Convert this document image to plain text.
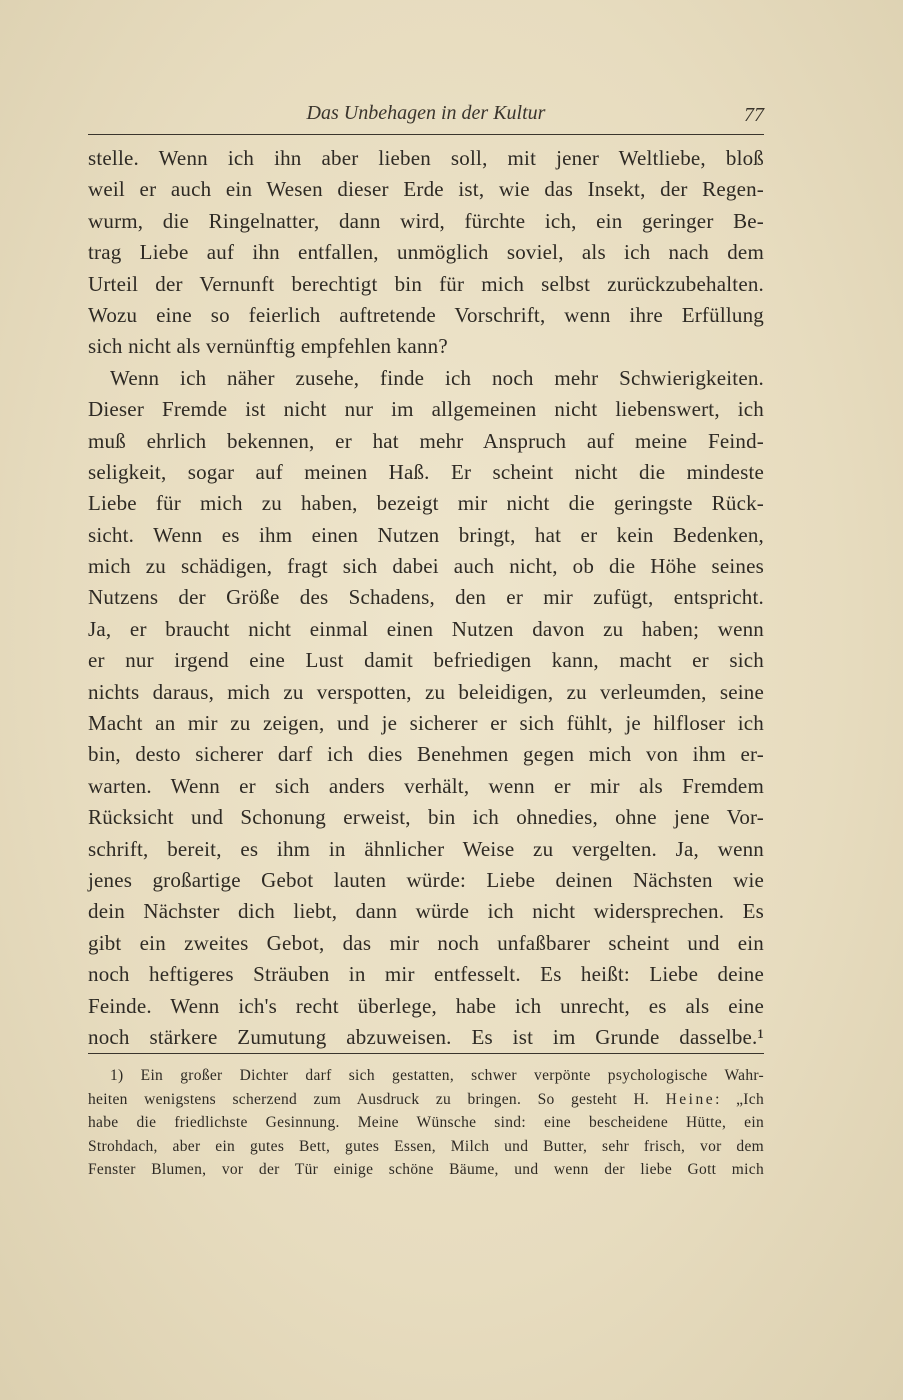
Das Unbehagen in der Kultur	77
stelle. Wenn ich ihn aber lieben soll, mit jener Weltliebe, bloß
weil er auch ein Wesen dieser Erde ist, wie das Insekt, der Regen-
wurm, die Ringelnatter, dann wird, fürchte ich, ein geringer Be-
trag Liebe auf ihn entfallen, unmöglich soviel, als ich nach dem
Urteil der Vernunft berechtigt bin für mich selbst zurückzubehalten.
Wozu eine so feierlich auftretende Vorschrift, wenn ihre Erfüllung
sich nicht als vernünftig empfehlen kann?
Wenn ich näher zusehe, finde ich noch mehr Schwierigkeiten.
Dieser Fremde ist nicht nur im allgemeinen nicht liebenswert, ich
muß ehrlich bekennen, er hat mehr Anspruch auf meine Feind-
seligkeit, sogar auf meinen Haß. Er scheint nicht die mindeste
Liebe für mich zu haben, bezeigt mir nicht die geringste Rück-
sicht. Wenn es ihm einen Nutzen bringt, hat er kein Bedenken,
mich zu schädigen, fragt sich dabei auch nicht, ob die Höhe seines
Nutzens der Größe des Schadens, den er mir zufügt, entspricht.
Ja, er braucht nicht einmal einen Nutzen davon zu haben; wenn
er nur irgend eine Lust damit befriedigen kann, macht er sich
nichts daraus, mich zu verspotten, zu beleidigen, zu verleumden, seine
Macht an mir zu zeigen, und je sicherer er sich fühlt, je hilfloser ich
bin, desto sicherer darf ich dies Benehmen gegen mich von ihm er-
warten. Wenn er sich anders verhält, wenn er mir als Fremdem
Rücksicht und Schonung erweist, bin ich ohnedies, ohne jene Vor-
schrift, bereit, es ihm in ähnlicher Weise zu vergelten. Ja, wenn
jenes großartige Gebot lauten würde: Liebe deinen Nächsten wie
dein Nächster dich liebt, dann würde ich nicht widersprechen. Es
gibt ein zweites Gebot, das mir noch unfaßbarer scheint und ein
noch heftigeres Sträuben in mir entfesselt. Es heißt: Liebe deine
Feinde. Wenn ich's recht überlege, habe ich unrecht, es als eine
noch stärkere Zumutung abzuweisen. Es ist im Grunde dasselbe.¹
1) Ein großer Dichter darf sich gestatten, schwer verpönte psychologische Wahr-
heiten wenigstens scherzend zum Ausdruck zu bringen. So gesteht H. Heine: „Ich
habe die friedlichste Gesinnung. Meine Wünsche sind: eine bescheidene Hütte, ein
Strohdach, aber ein gutes Bett, gutes Essen, Milch und Butter, sehr frisch, vor dem
Fenster Blumen, vor der Tür einige schöne Bäume, und wenn der liebe Gott mich
